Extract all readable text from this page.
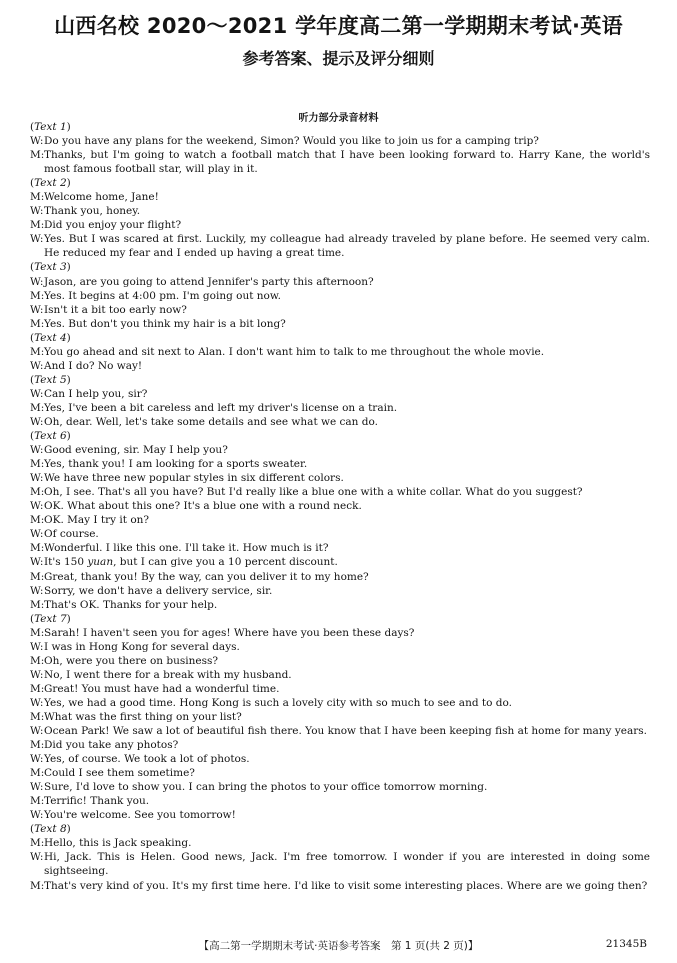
山西名校 2020～2021 学年度高二第一学期期末考试·英语
参考答案、提示及评分细则
听力部分录音材料
(Text 1)
W: Do you have any plans for the weekend, Simon? Would you like to join us for a camping trip?
M: Thanks, but I'm going to watch a football match that I have been looking forward to. Harry Kane, the world's most famous football star, will play in it.
(Text 2)
M: Welcome home, Jane!
W: Thank you, honey.
M: Did you enjoy your flight?
W: Yes. But I was scared at first. Luckily, my colleague had already traveled by plane before. He seemed very calm. He reduced my fear and I ended up having a great time.
(Text 3)
W: Jason, are you going to attend Jennifer's party this afternoon?
M: Yes. It begins at 4:00 pm. I'm going out now.
W: Isn't it a bit too early now?
M: Yes. But don't you think my hair is a bit long?
(Text 4)
M: You go ahead and sit next to Alan. I don't want him to talk to me throughout the whole movie.
W: And I do? No way!
(Text 5)
W: Can I help you, sir?
M: Yes, I've been a bit careless and left my driver's license on a train.
W: Oh, dear. Well, let's take some details and see what we can do.
(Text 6)
W: Good evening, sir. May I help you?
M: Yes, thank you! I am looking for a sports sweater.
W: We have three new popular styles in six different colors.
M: Oh, I see. That's all you have? But I'd really like a blue one with a white collar. What do you suggest?
W: OK. What about this one? It's a blue one with a round neck.
M: OK. May I try it on?
W: Of course.
M: Wonderful. I like this one. I'll take it. How much is it?
W: It's 150 yuan, but I can give you a 10 percent discount.
M: Great, thank you! By the way, can you deliver it to my home?
W: Sorry, we don't have a delivery service, sir.
M: That's OK. Thanks for your help.
(Text 7)
M: Sarah! I haven't seen you for ages! Where have you been these days?
W: I was in Hong Kong for several days.
M: Oh, were you there on business?
W: No, I went there for a break with my husband.
M: Great! You must have had a wonderful time.
W: Yes, we had a good time. Hong Kong is such a lovely city with so much to see and to do.
M: What was the first thing on your list?
W: Ocean Park! We saw a lot of beautiful fish there. You know that I have been keeping fish at home for many years.
M: Did you take any photos?
W: Yes, of course. We took a lot of photos.
M: Could I see them sometime?
W: Sure, I'd love to show you. I can bring the photos to your office tomorrow morning.
M: Terrific! Thank you.
W: You're welcome. See you tomorrow!
(Text 8)
M: Hello, this is Jack speaking.
W: Hi, Jack. This is Helen. Good news, Jack. I'm free tomorrow. I wonder if you are interested in doing some sightseeing.
M: That's very kind of you. It's my first time here. I'd like to visit some interesting places. Where are we going then?
【高二第一学期期末考试·英语参考答案　第 1 页(共 2 页)】	21345B
